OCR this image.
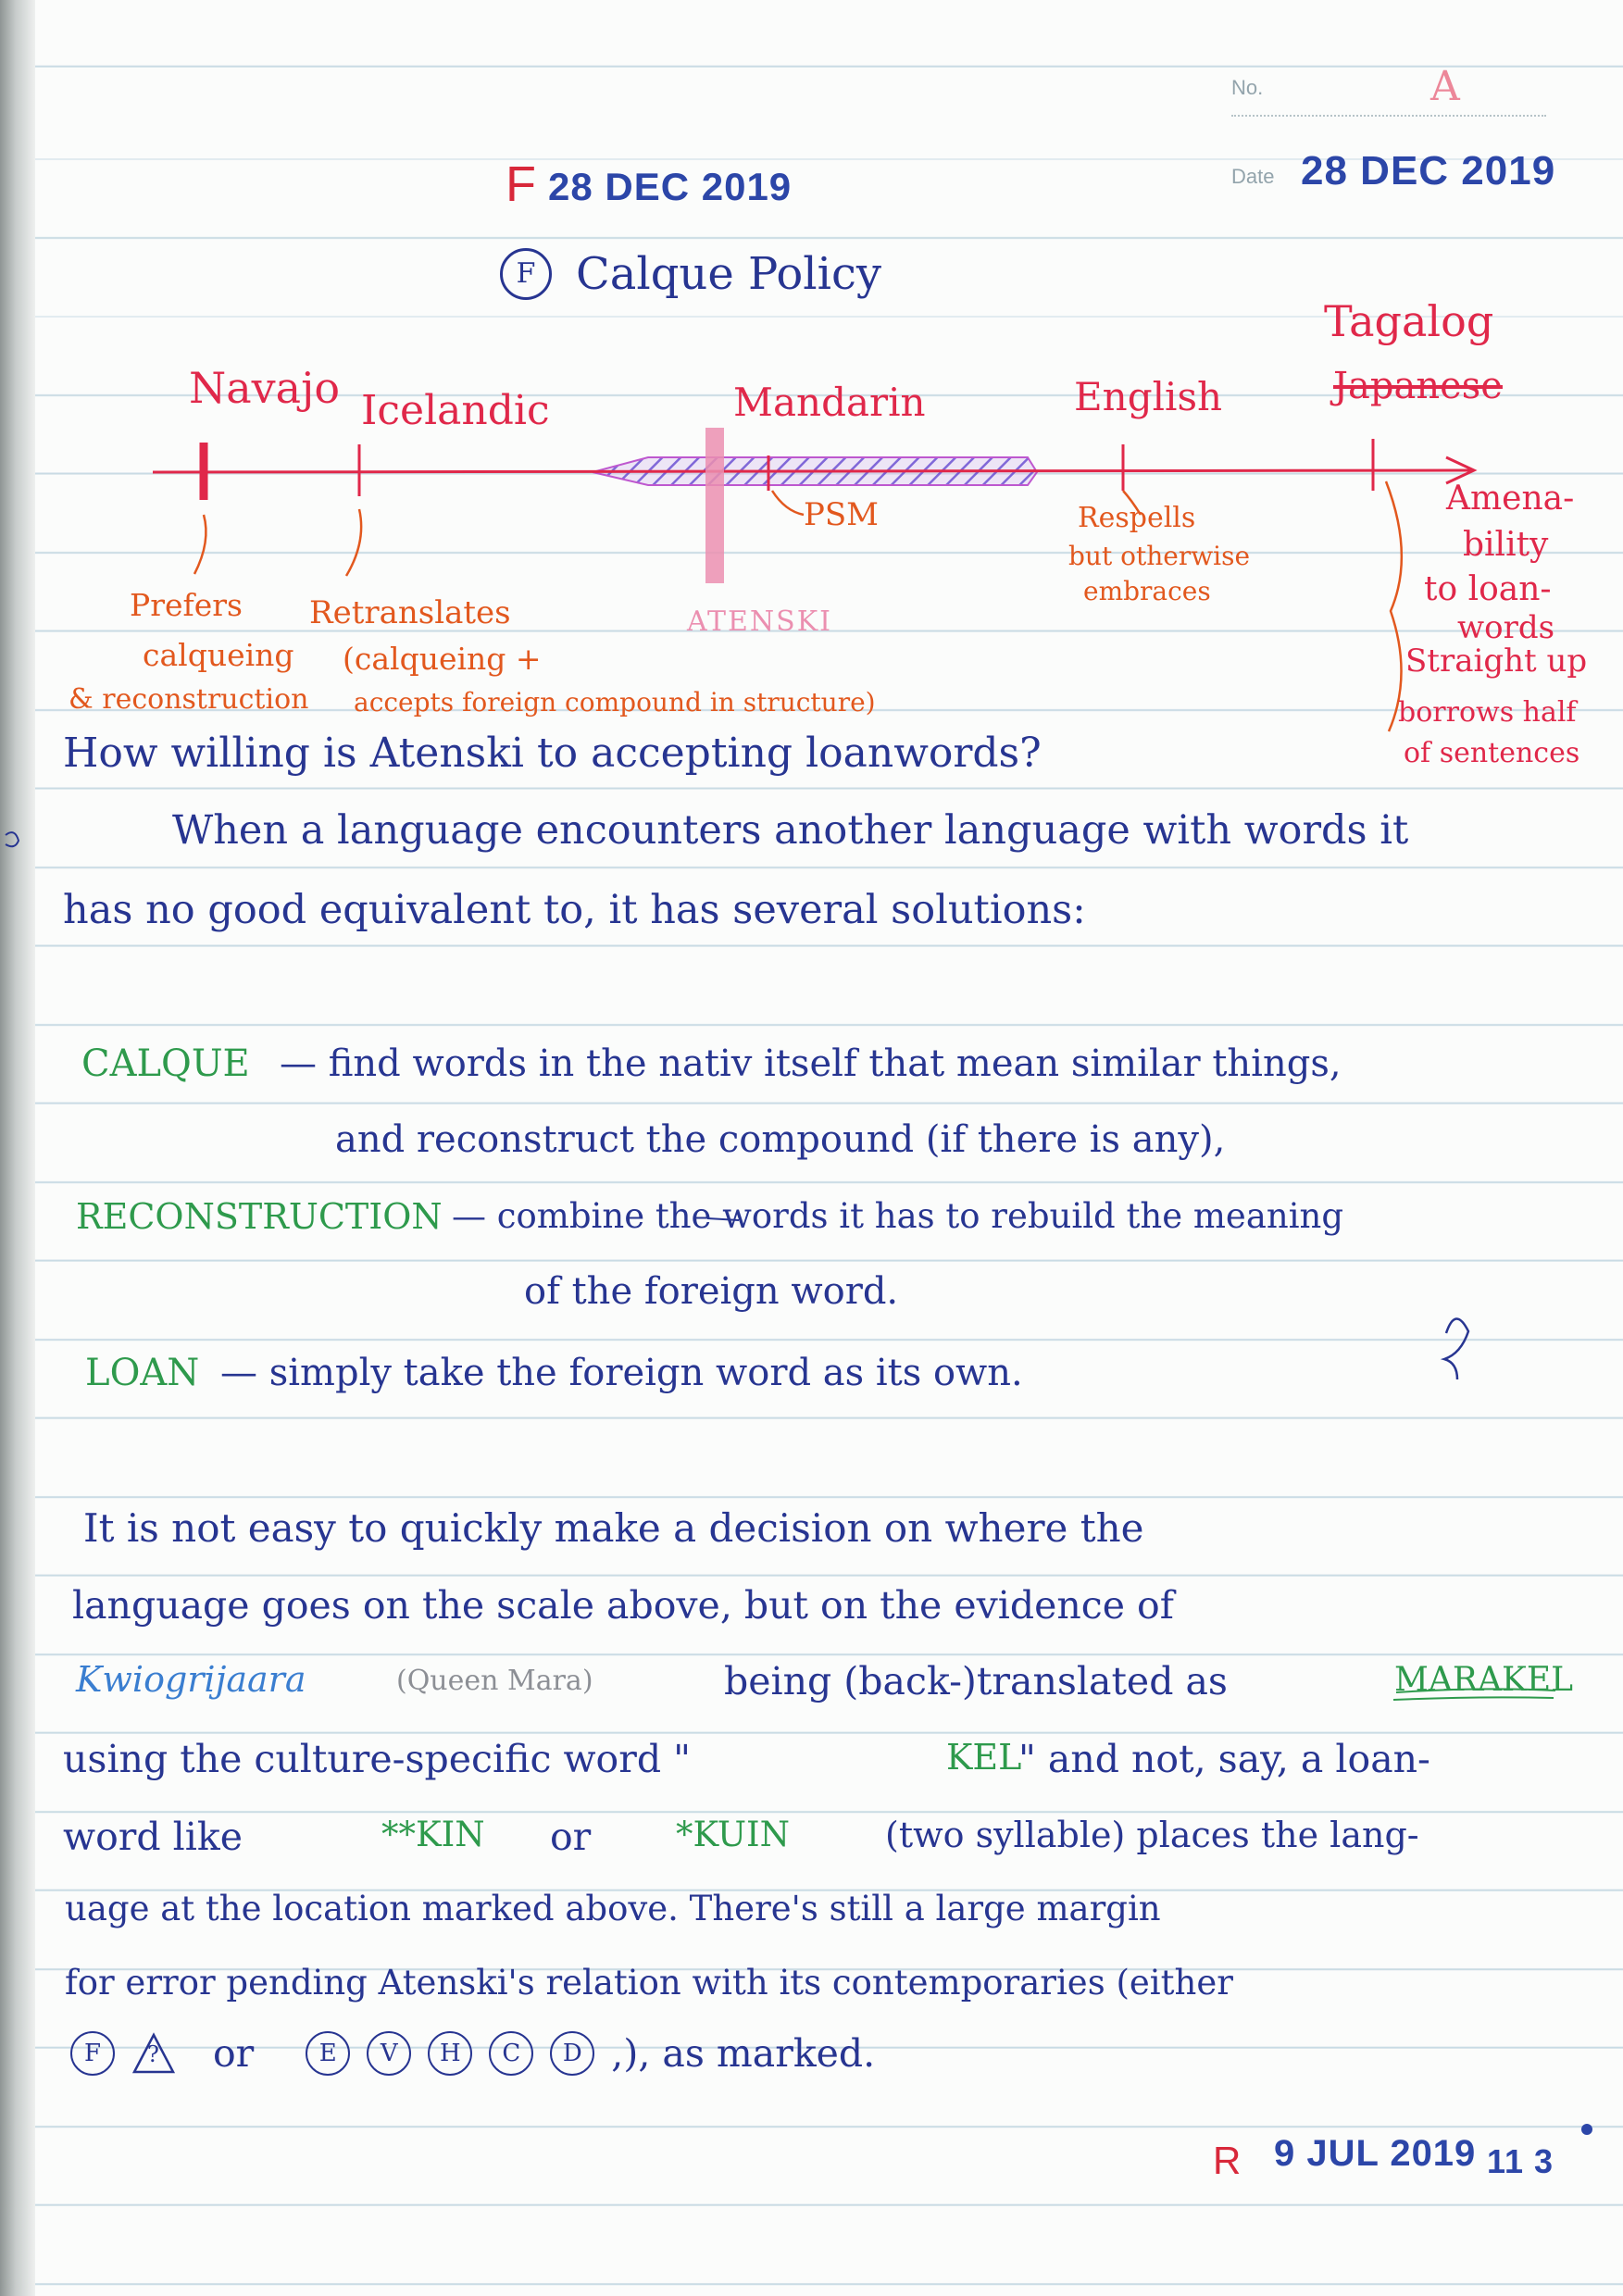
No.	A
Date 28 DEC 2019
F 28 DEC 2019
F Calque Policy
Navajo Icelandic	Mandarin	English
Tagalog
Japanese
ATENSKI
PSM
Prefers
calqueing
& reconstruction
Retranslates
(calqueing +
accepts foreign compound in structure)
Respells
but otherwise
embraces
Amena-
bility
to loan-
words
Straight up
borrows half
of sentences
How willing is Atenski to accepting loanwords?
When a language encounters another language with words it
has no good equivalent to, it has several solutions:
CALQUE — find words in the nativ itself that mean similar things,
and reconstruct the compound (if there is any),
RECONSTRUCTION — combine the words it has to rebuild the meaning
of the foreign word.
LOAN — simply take the foreign word as its own.
It is not easy to quickly make a decision on where the
language goes on the scale above, but on the evidence of
Kwiogrijaara	(Queen Mara)	being (back-)translated as	MARAKEL
using the culture-specific word "	KEL
" and not, say, a loan-
word like	**KIN or *KUIN	(two syllable) places the lang-
uage at the location marked above. There's still a large margin
for error pending Atenski's relation with its contemporaries (either
F	? or	E	V	H	C	D ,), as marked.
R 9 JUL 2019 11 3
